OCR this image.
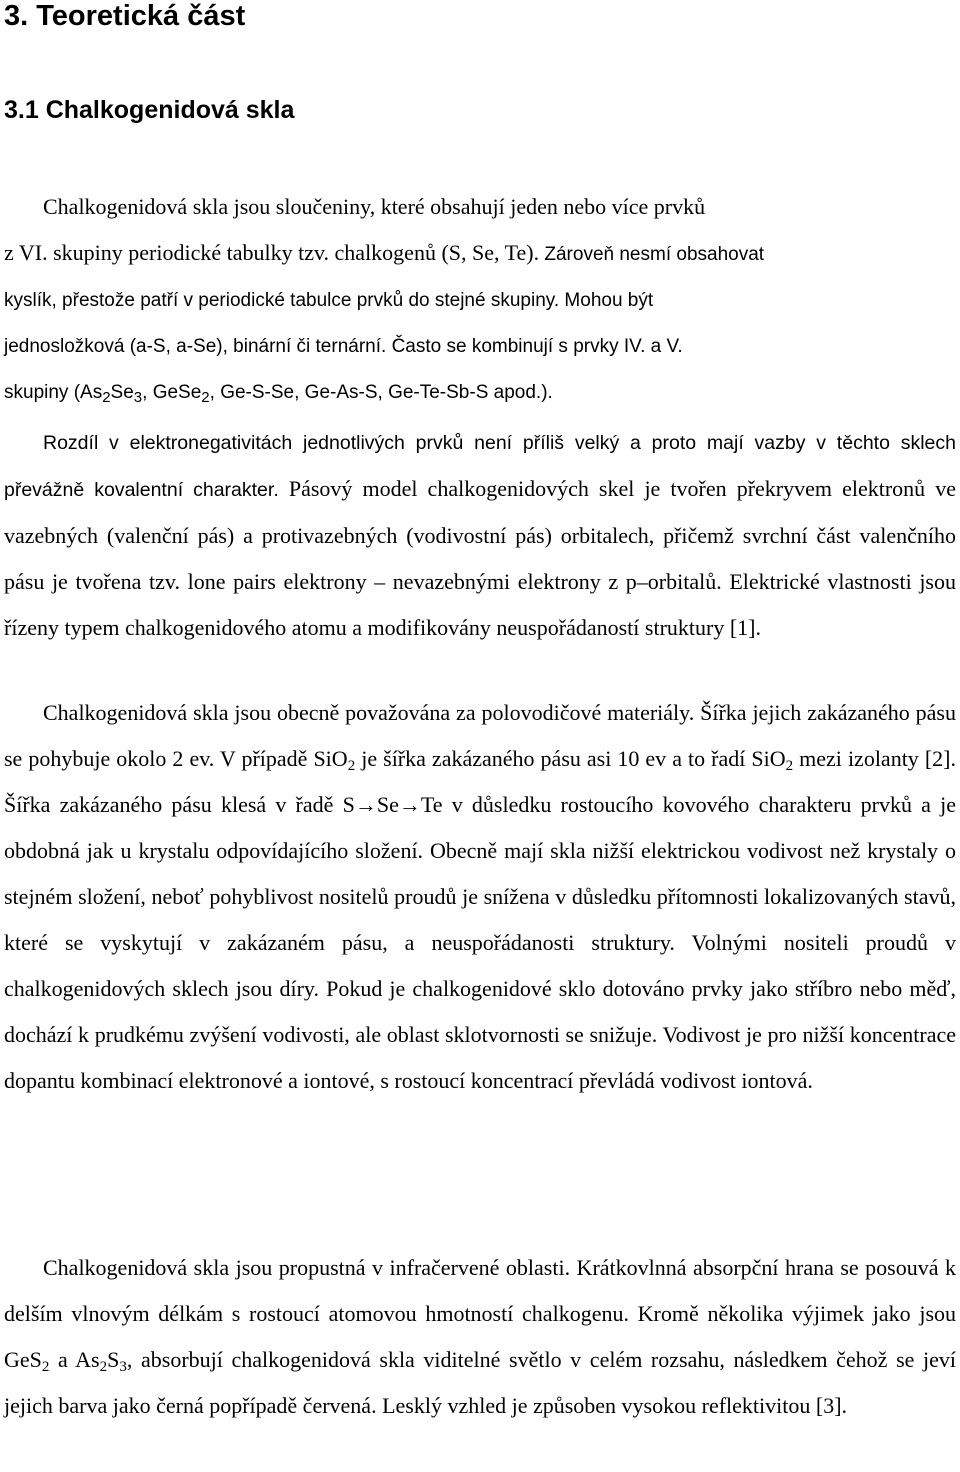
3. Teoretická část
3.1 Chalkogenidová skla
Chalkogenidová skla jsou sloučeniny, které obsahují jeden nebo více prvků
z VI. skupiny periodické tabulky tzv. chalkogenů (S, Se, Te). Zároveň nesmí obsahovat
kyslík, přestože patří v periodické tabulce prvků do stejné skupiny. Mohou být
jednosložková (a-S, a-Se), binární či ternární. Často se kombinují s prvky IV. a V.
skupiny ($As_2Se_3$, GeSe$_2$, Ge-S-Se, Ge-As-S, Ge-Te-Sb-S apod.).

Rozdíl v elektronegativitách jednotlivých prvků není příliš velký a proto mají vazby v těchto sklech převážně kovalentní charakter. Pásový model chalkogenidových skel je tvořen překryvem elektronů ve vazebných (valenční pás) a protivazebných (vodivostní pás) orbitalech, přičemž svrchní část valenčního pásu je tvořena tzv. lone pairs elektrony – nevazebnými elektrony z p–orbitalů. Elektrické vlastnosti jsou řízeny typem chalkogenidového atomu a modifikovány neuspořádaností struktury [1].

Chalkogenidová skla jsou obecně považována za polovodičové materiály. Šířka jejich zakázaného pásu se pohybuje okolo 2 ev. V případě SiO$_2$ je šířka zakázaného pásu asi 10 ev a to řadí SiO$_2$ mezi izolanty [2]. Šířka zakázaného pásu klesá v řadě S→Se→Te v důsledku rostoucího kovového charakteru prvků a je obdobná jak u krystalu odpovídajícího složení. Obecně mají skla nižší elektrickou vodivost než krystaly o stejném složení, neboť pohyblivost nositelů proudů je snížena v důsledku přítomnosti lokalizovaných stavů, které se vyskytují v zakázaném pásu, a neuspořádanosti struktury. Volnými nositeli proudů v chalkogenidových sklech jsou díry. Pokud je chalkogenidové sklo dotováno prvky jako stříbro nebo měď, dochází k prudkému zvýšení vodivosti, ale oblast sklotvornosti se snižuje. Vodivost je pro nižší koncentrace dopantu kombinací elektronové a iontové, s rostoucí koncentrací převládá vodivost iontová.

Chalkogenidová skla jsou propustná v infračervené oblasti. Krátkovlnná absorpční hrana se posouvá k delším vlnovým délkám s rostoucí atomovou hmotností chalkogenu. Kromě několika výjimek jako jsou GeS$_2$ a $As_2S_3$, absorbují chalkogenidová skla viditelné světlo v celém rozsahu, následkem čehož se jeví jejich barva jako černá popřípadě červená. Lesklý vzhled je způsoben vysokou reflektivitou [3].
